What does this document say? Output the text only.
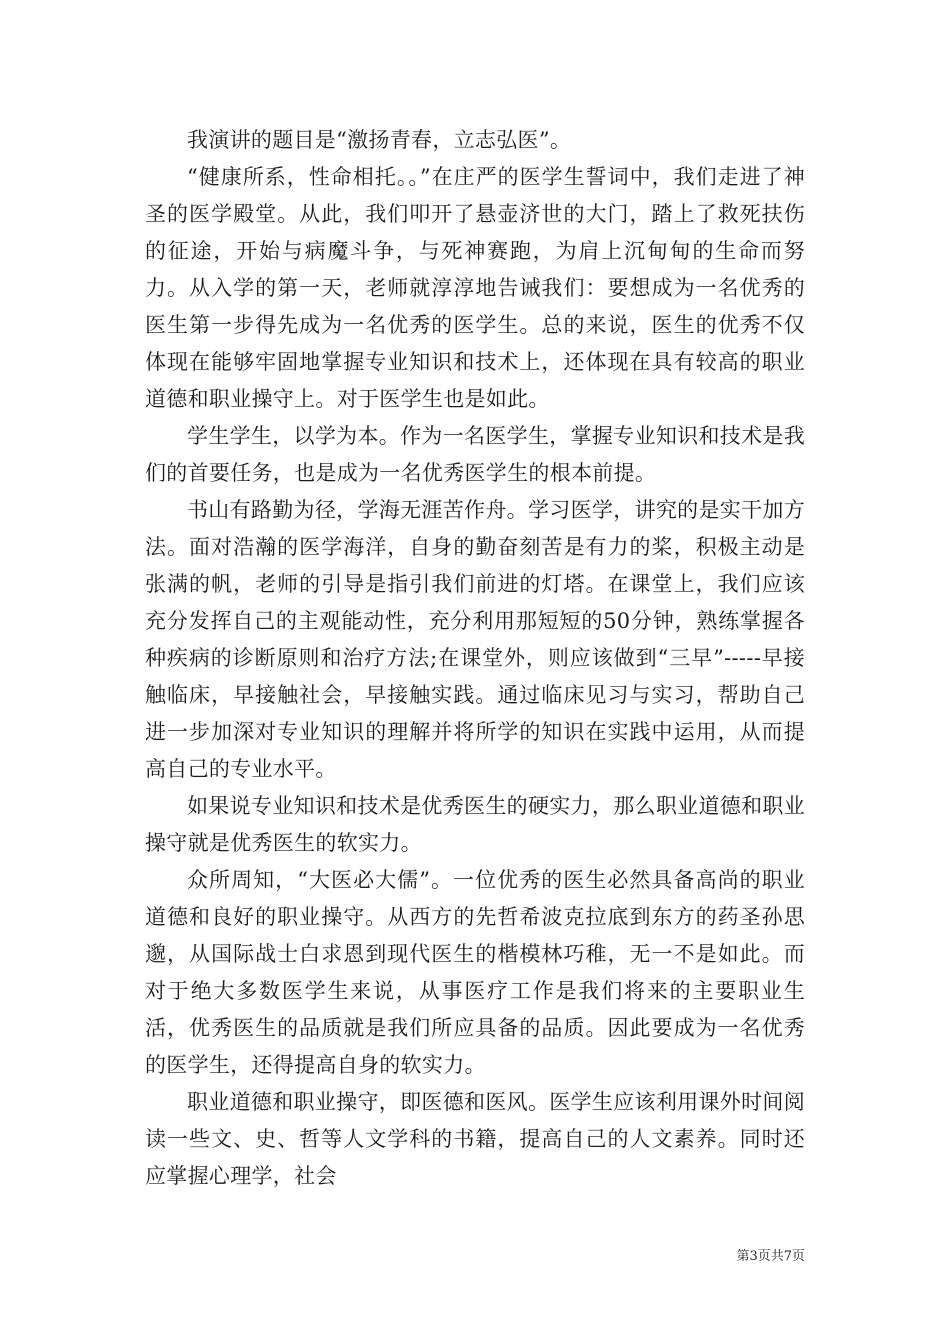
我演讲的题目是“激扬青春，立志弘医”。

“健康所系，性命相托。。”在庄严的医学生誓词中，我们走进了神圣的医学殿堂。从此，我们叩开了悬壶济世的大门，踏上了救死扶伤的征途，开始与病魔斗争，与死神赛跑，为肩上沉甸甸的生命而努力。从入学的第一天，老师就淳淳地告诫我们：要想成为一名优秀的医生第一步得先成为一名优秀的医学生。总的来说，医生的优秀不仅体现在能够牢固地掌握专业知识和技术上，还体现在具有较高的职业道德和职业操守上。对于医学生也是如此。

学生学生，以学为本。作为一名医学生，掌握专业知识和技术是我们的首要任务，也是成为一名优秀医学生的根本前提。

书山有路勤为径，学海无涯苦作舟。学习医学，讲究的是实干加方法。面对浩瀚的医学海洋，自身的勤奋刻苦是有力的桨，积极主动是张满的帆，老师的引导是指引我们前进的灯塔。在课堂上，我们应该充分发挥自己的主观能动性，充分利用那短短的50分钟，熟练掌握各种疾病的诊断原则和治疗方法;在课堂外，则应该做到“三早”-----早接触临床，早接触社会，早接触实践。通过临床见习与实习，帮助自己进一步加深对专业知识的理解并将所学的知识在实践中运用，从而提高自己的专业水平。

如果说专业知识和技术是优秀医生的硬实力，那么职业道德和职业操守就是优秀医生的软实力。

众所周知，“大医必大儒”。一位优秀的医生必然具备高尚的职业道德和良好的职业操守。从西方的先哲希波克拉底到东方的药圣孙思邈，从国际战士白求恩到现代医生的楷模林巧稚，无一不是如此。而对于绝大多数医学生来说，从事医疗工作是我们将来的主要职业生活，优秀医生的品质就是我们所应具备的品质。因此要成为一名优秀的医学生，还得提高自身的软实力。

职业道德和职业操守，即医德和医风。医学生应该利用课外时间阅读一些文、史、哲等人文学科的书籍，提高自己的人文素养。同时还应掌握心理学，社会

第3页共7页
